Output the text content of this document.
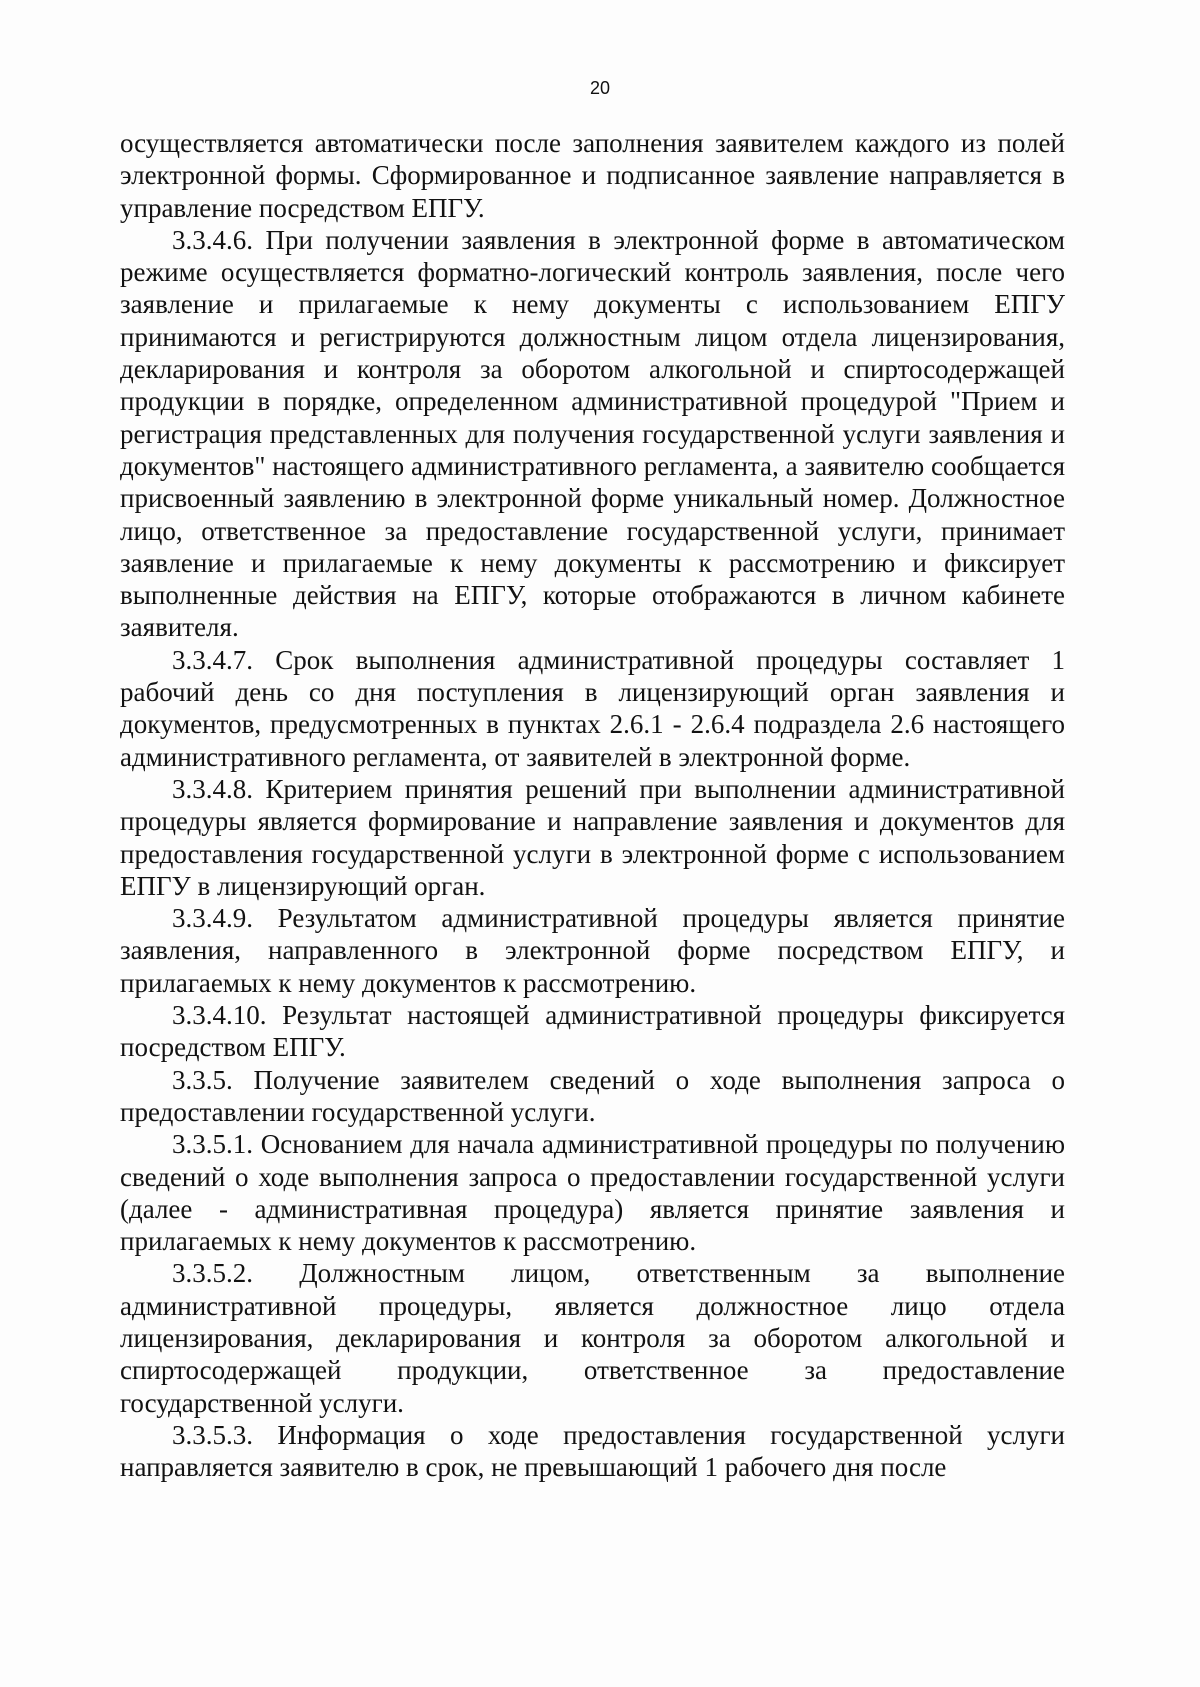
20

осуществляется автоматически после заполнения заявителем каждого из полей электронной формы. Сформированное и подписанное заявление направляется в управление посредством ЕПГУ.

3.3.4.6. При получении заявления в электронной форме в автоматическом режиме осуществляется форматно-логический контроль заявления, после чего заявление и прилагаемые к нему документы с использованием ЕПГУ принимаются и регистрируются должностным лицом отдела лицензирования, декларирования и контроля за оборотом алкогольной и спиртосодержащей продукции в порядке, определенном административной процедурой "Прием и регистрация представленных для получения государственной услуги заявления и документов" настоящего административного регламента, а заявителю сообщается присвоенный заявлению в электронной форме уникальный номер. Должностное лицо, ответственное за предоставление государственной услуги, принимает заявление и прилагаемые к нему документы к рассмотрению и фиксирует выполненные действия на ЕПГУ, которые отображаются в личном кабинете заявителя.

3.3.4.7. Срок выполнения административной процедуры составляет 1 рабочий день со дня поступления в лицензирующий орган заявления и документов, предусмотренных в пунктах 2.6.1 - 2.6.4 подраздела 2.6 настоящего административного регламента, от заявителей в электронной форме.

3.3.4.8. Критерием принятия решений при выполнении административной процедуры является формирование и направление заявления и документов для предоставления государственной услуги в электронной форме с использованием ЕПГУ в лицензирующий орган.

3.3.4.9. Результатом административной процедуры является принятие заявления, направленного в электронной форме посредством ЕПГУ, и прилагаемых к нему документов к рассмотрению.

3.3.4.10. Результат настоящей административной процедуры фиксируется посредством ЕПГУ.

3.3.5. Получение заявителем сведений о ходе выполнения запроса о предоставлении государственной услуги.

3.3.5.1. Основанием для начала административной процедуры по получению сведений о ходе выполнения запроса о предоставлении государственной услуги (далее - административная процедура) является принятие заявления и прилагаемых к нему документов к рассмотрению.

3.3.5.2. Должностным лицом, ответственным за выполнение административной процедуры, является должностное лицо отдела лицензирования, декларирования и контроля за оборотом алкогольной и спиртосодержащей продукции, ответственное за предоставление государственной услуги.

3.3.5.3. Информация о ходе предоставления государственной услуги направляется заявителю в срок, не превышающий 1 рабочего дня после
